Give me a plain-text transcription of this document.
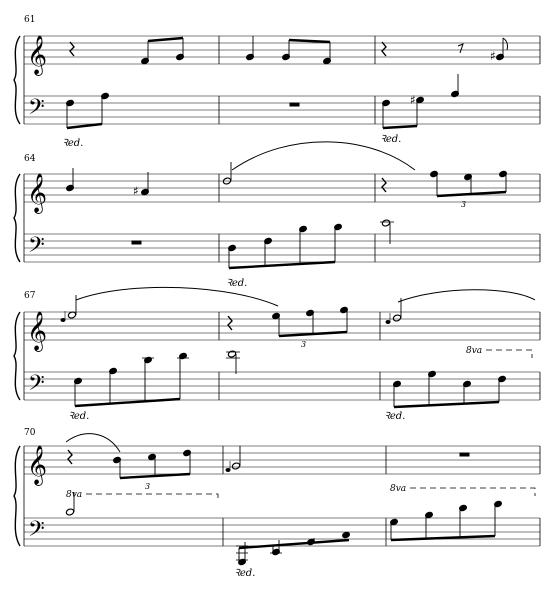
61
𝄞
𝄢	♯
♯
Ꝛ𝑒𝑑.	Ꝛ𝑒𝑑.
64
𝄞
𝄢
♯
3
Ꝛ𝑒𝑑.
67
𝄞
𝄢
3
8va
Ꝛ𝑒𝑑.	Ꝛ𝑒𝑑.
70
𝄞
𝄢
3
8va
8va
Ꝛ𝑒𝑑.
